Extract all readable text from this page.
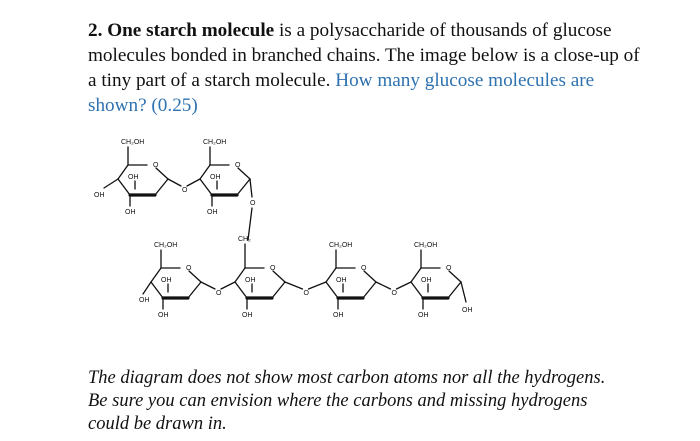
2. One starch molecule is a polysaccharide of thousands of glucose molecules bonded in branched chains. The image below is a close-up of a tiny part of a starch molecule. How many glucose molecules are shown? (0.25)
O
CH₂OH
OH
OH
O
CH₂OH
OH
OH
O
CH₂OH
OH
OH
O
CH₂
OH
OH
O
CH₂OH
OH
OH
O
CH₂OH
OH
OH
OH
OH
OH
O
O	O	O
O
The diagram does not show most carbon atoms nor all the hydrogens. Be sure you can envision where the carbons and missing hydrogens could be drawn in.
